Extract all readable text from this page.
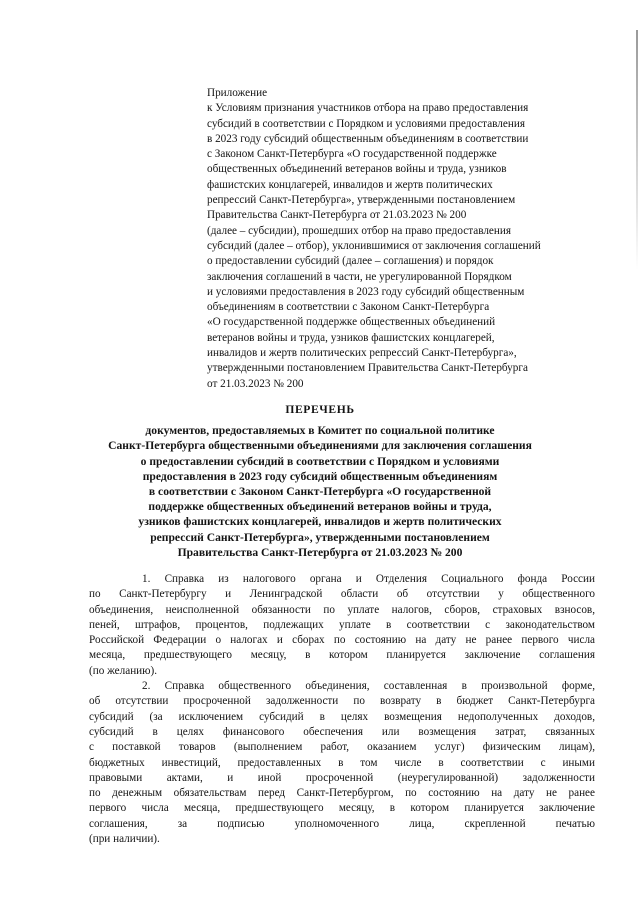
Приложение
к Условиям признания участников отбора на право предоставления
субсидий в соответствии с Порядком и условиями предоставления
в 2023 году субсидий общественным объединениям в соответствии
с Законом Санкт-Петербурга «О государственной поддержке
общественных объединений ветеранов войны и труда, узников
фашистских концлагерей, инвалидов и жертв политических
репрессий Санкт-Петербурга», утвержденными постановлением
Правительства Санкт-Петербурга от 21.03.2023 № 200
(далее – субсидии), прошедших отбор на право предоставления
субсидий (далее – отбор), уклонившимися от заключения соглашений
о предоставлении субсидий (далее – соглашения) и порядок
заключения соглашений в части, не урегулированной Порядком
и условиями предоставления в 2023 году субсидий общественным
объединениям в соответствии с Законом Санкт-Петербурга
«О государственной поддержке общественных объединений
ветеранов войны и труда, узников фашистских концлагерей,
инвалидов и жертв политических репрессий Санкт-Петербурга»,
утвержденными постановлением Правительства Санкт-Петербурга
от 21.03.2023 № 200
ПЕРЕЧЕНЬ
документов, предоставляемых в Комитет по социальной политике
Санкт-Петербурга общественными объединениями для заключения соглашения
о предоставлении субсидий в соответствии с Порядком и условиями
предоставления в 2023 году субсидий общественным объединениям
в соответствии с Законом Санкт-Петербурга «О государственной
поддержке общественных объединений ветеранов войны и труда,
узников фашистских концлагерей, инвалидов и жертв политических
репрессий Санкт-Петербурга», утвержденными постановлением
Правительства Санкт-Петербурга от 21.03.2023 № 200
1. Справка из налогового органа и Отделения Социального фонда России
по Санкт-Петербургу и Ленинградской области об отсутствии у общественного
объединения, неисполненной обязанности по уплате налогов, сборов, страховых взносов,
пеней, штрафов, процентов, подлежащих уплате в соответствии с законодательством
Российской Федерации о налогах и сборах по состоянию на дату не ранее первого числа
месяца, предшествующего месяцу, в котором планируется заключение соглашения
(по желанию).
2. Справка общественного объединения, составленная в произвольной форме,
об отсутствии просроченной задолженности по возврату в бюджет Санкт-Петербурга
субсидий (за исключением субсидий в целях возмещения недополученных доходов,
субсидий в целях финансового обеспечения или возмещения затрат, связанных
с поставкой товаров (выполнением работ, оказанием услуг) физическим лицам),
бюджетных инвестиций, предоставленных в том числе в соответствии с иными
правовыми актами, и иной просроченной (неурегулированной) задолженности
по денежным обязательствам перед Санкт-Петербургом, по состоянию на дату не ранее
первого числа месяца, предшествующего месяцу, в котором планируется заключение
соглашения, за подписью уполномоченного лица, скрепленной печатью
(при наличии).
